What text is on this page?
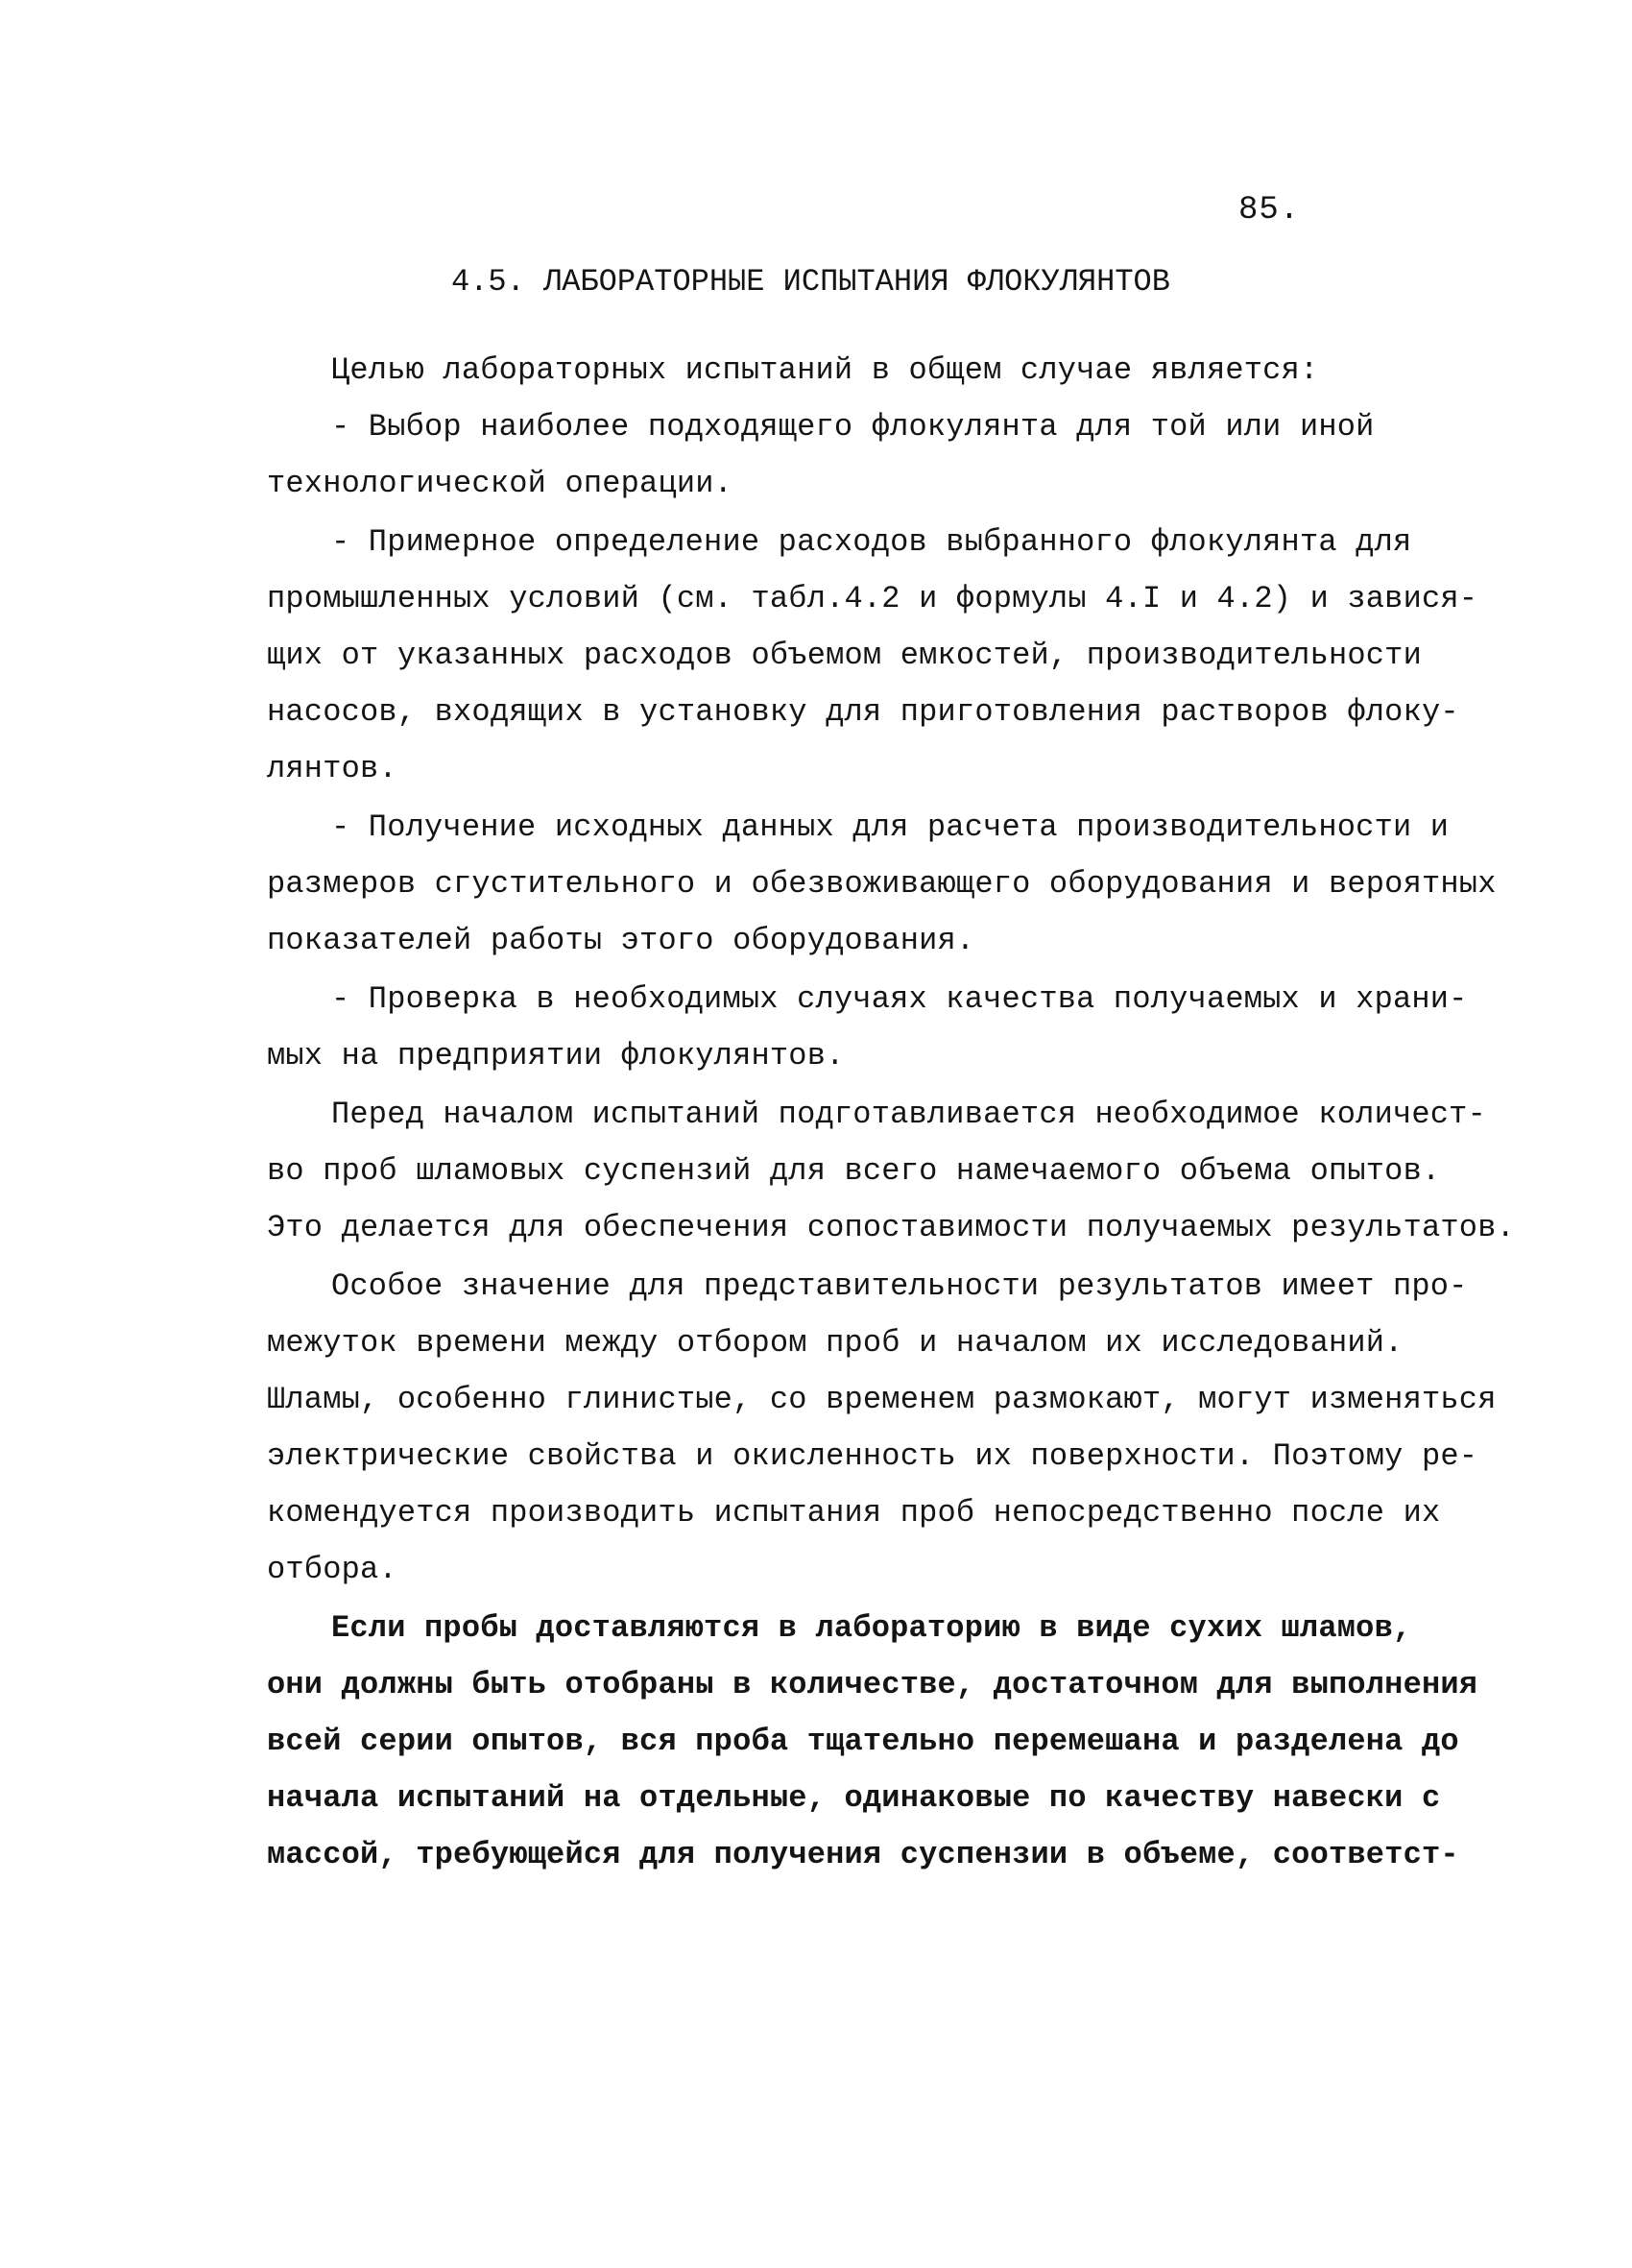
85.
4.5. ЛАБОРАТОРНЫЕ ИСПЫТАНИЯ ФЛОКУЛЯНТОВ
Целью лабораторных испытаний в общем случае является:
- Выбор наиболее подходящего флокулянта для той или иной
технологической операции.
- Примерное определение расходов выбранного флокулянта для
промышленных условий (см. табл.4.2 и формулы 4.I и 4.2) и завися-
щих от указанных расходов объемом емкостей, производительности
насосов, входящих в установку для приготовления растворов флоку-
лянтов.
- Получение исходных данных для расчета производительности и
размеров сгустительного и обезвоживающего оборудования и вероятных
показателей работы этого оборудования.
- Проверка в необходимых случаях качества получаемых и храни-
мых на предприятии флокулянтов.
Перед началом испытаний подготавливается необходимое количест-
во проб шламовых суспензий для всего намечаемого объема опытов.
Это делается для обеспечения сопоставимости получаемых результатов.
Особое значение для представительности результатов имеет про-
межуток времени между отбором проб и началом их исследований.
Шламы, особенно глинистые, со временем размокают, могут изменяться
электрические свойства и окисленность их поверхности. Поэтому ре-
комендуется производить испытания проб непосредственно после их
отбора.
Если пробы доставляются в лабораторию в виде сухих шламов,
они должны быть отобраны в количестве, достаточном для выполнения
всей серии опытов, вся проба тщательно перемешана и разделена до
начала испытаний на отдельные, одинаковые по качеству навески с
массой, требующейся для получения суспензии в объеме, соответст-
